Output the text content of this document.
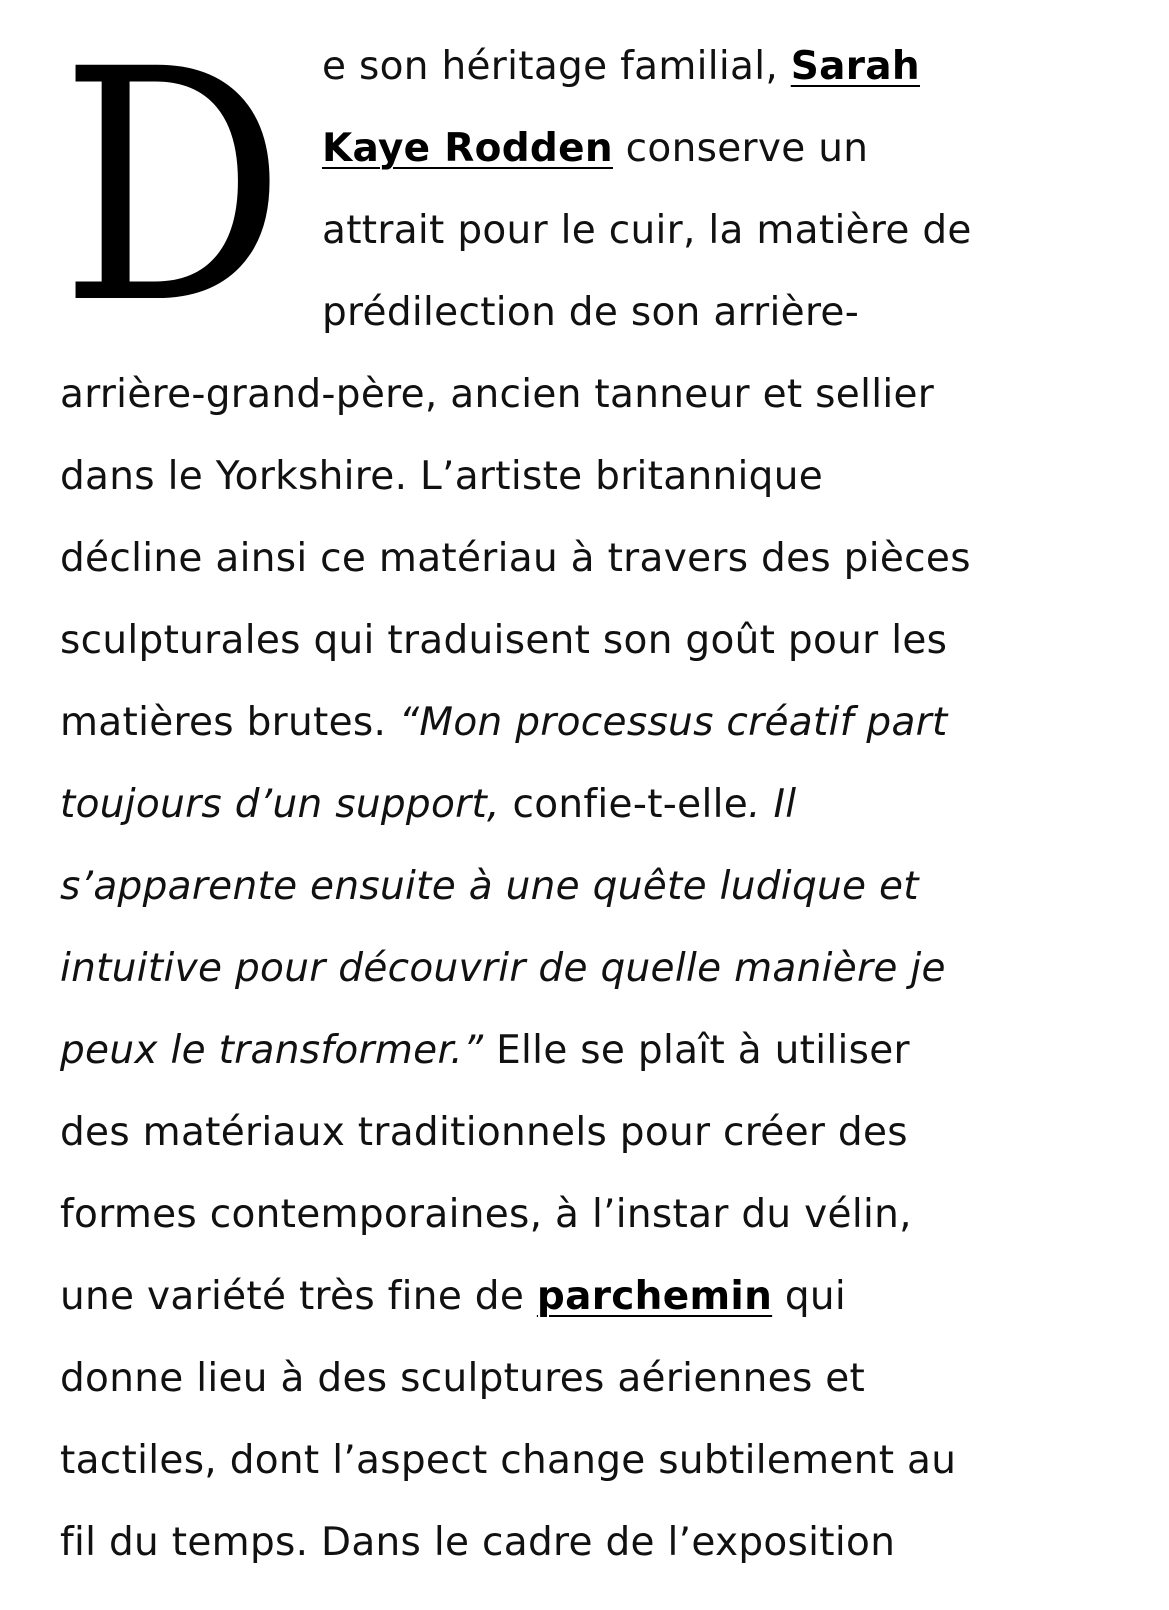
D e son héritage familial, Sarah
Kaye Rodden conserve un
attrait pour le cuir, la matière de
prédilection de son arrière-
arrière-grand-père, ancien tanneur et sellier
dans le Yorkshire. L’artiste britannique
décline ainsi ce matériau à travers des pièces
sculpturales qui traduisent son goût pour les
matières brutes. “Mon processus créatif part
toujours d’un support, confie-t-elle. Il
s’apparente ensuite à une quête ludique et
intuitive pour découvrir de quelle manière je
peux le transformer.” Elle se plaît à utiliser
des matériaux traditionnels pour créer des
formes contemporaines, à l’instar du vélin,
une variété très fine de parchemin qui
donne lieu à des sculptures aériennes et
tactiles, dont l’aspect change subtilement au
fil du temps. Dans le cadre de l’exposition
